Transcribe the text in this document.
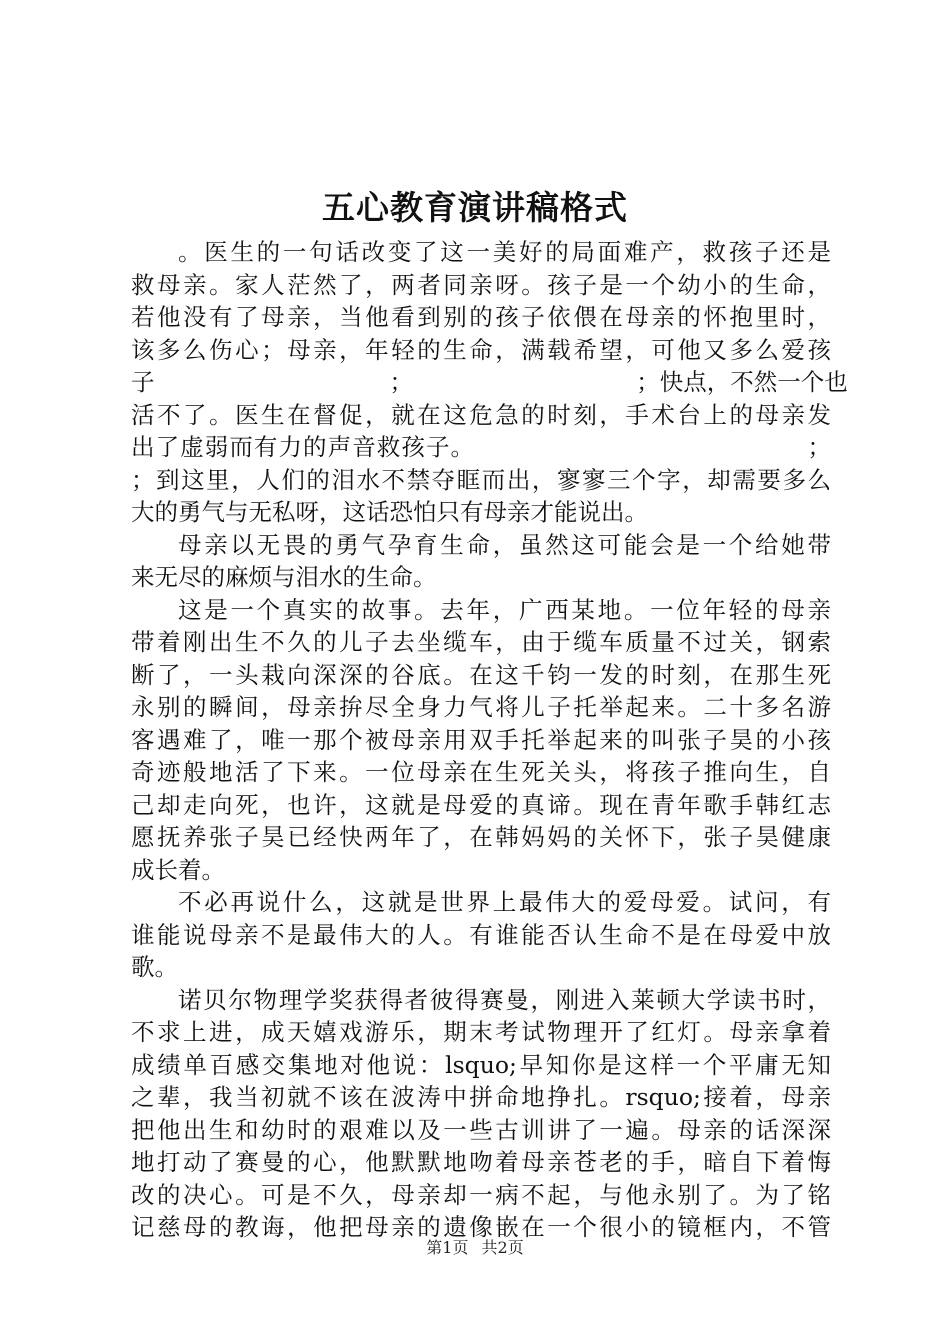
五心教育演讲稿格式
。医生的一句话改变了这一美好的局面难产，救孩子还是
救母亲。家人茫然了，两者同亲呀。孩子是一个幼小的生命，
若他没有了母亲，当他看到别的孩子依偎在母亲的怀抱里时，
该多么伤心；母亲，年轻的生命，满载希望，可他又多么爱孩
子　　　　　　　　　　；　　　　　　　　　　；快点，不然一个也
活不了。医生在督促，就在这危急的时刻，手术台上的母亲发
出了虚弱而有力的声音救孩子。　　　　　　　　　　　　　　；
；到这里，人们的泪水不禁夺眶而出，寥寥三个字，却需要多么
大的勇气与无私呀，这话恐怕只有母亲才能说出。
母亲以无畏的勇气孕育生命，虽然这可能会是一个给她带
来无尽的麻烦与泪水的生命。
这是一个真实的故事。去年，广西某地。一位年轻的母亲
带着刚出生不久的儿子去坐缆车，由于缆车质量不过关，钢索
断了，一头栽向深深的谷底。在这千钧一发的时刻，在那生死
永别的瞬间，母亲拚尽全身力气将儿子托举起来。二十多名游
客遇难了，唯一那个被母亲用双手托举起来的叫张子昊的小孩
奇迹般地活了下来。一位母亲在生死关头，将孩子推向生，自
己却走向死，也许，这就是母爱的真谛。现在青年歌手韩红志
愿抚养张子昊已经快两年了，在韩妈妈的关怀下，张子昊健康
成长着。
不必再说什么，这就是世界上最伟大的爱母爱。试问，有
谁能说母亲不是最伟大的人。有谁能否认生命不是在母爱中放
歌。
诺贝尔物理学奖获得者彼得赛曼，刚进入莱顿大学读书时，
不求上进，成天嬉戏游乐，期末考试物理开了红灯。母亲拿着
成绩单百感交集地对他说：lsquo;早知你是这样一个平庸无知
之辈，我当初就不该在波涛中拼命地挣扎。rsquo;接着，母亲
把他出生和幼时的艰难以及一些古训讲了一遍。母亲的话深深
地打动了赛曼的心，他默默地吻着母亲苍老的手，暗自下着悔
改的决心。可是不久，母亲却一病不起，与他永别了。为了铭
记慈母的教诲，他把母亲的遗像嵌在一个很小的镜框内，不管
第1页 共2页
